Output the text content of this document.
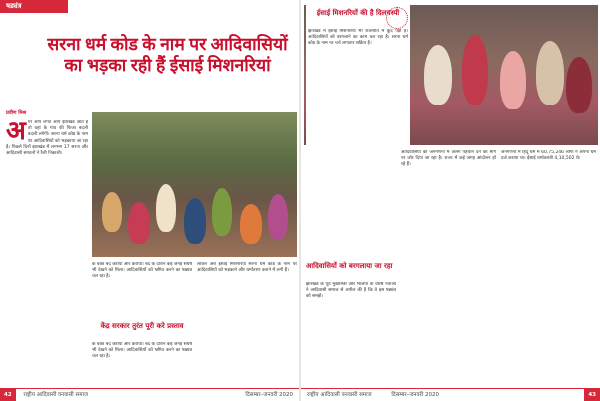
षड्यंत्र
सरना धर्म कोड के नाम पर आदिवासियों का भड़का रही हैं ईसाई मिशनरियां
प्रवीण मिश्र
अ गर आप लगते आप झारखंड आते हैं तो वहां के गांव की फिजा बदली बदली लगेगी। सरना धर्म कोड के नाम पर आदिवासियों को भड़काया जा रहा है। पिछले दिनों झारखंड में लगभग 17 सरना और आदिवासी संगठनों ने रैली निकाली।
के वक्त बंद कराया और कराया। बंद के दौरान कई जगह संघर्ष भी देखने को मिला। आदिवासियों को भ्रमित करने का षड्यंत्र चल रहा है।
केंद्र सरकार तुरंत पूरी करे प्रस्ताव
के वक्त बंद कराया और कराया। बंद के दौरान कई जगह संघर्ष भी देखने को मिला। आदिवासियों को भ्रमित करने का षड्यंत्र चल रहा है।
लेकिन अब ईसाई मिशनरियां सरना धर्म कोड के नाम पर आदिवासियों को भड़काने और धर्मांतरण कराने में लगी हैं।
42 राष्ट्रीय आदिवासी वनवासी समाज	दिसम्बर–जनवरी 2020
ईसाई मिशनरियों की है दिलचस्पी
झारखंड में ईसाई मिशनरियां भी राजनीति में कूद पड़ी हैं। आदिवासियों को बरगलाने का काम चल रहा है। सरना धर्म कोड के नाम पर चर्च लगातार सक्रिय है।
आदिवासियों को बरगलाया जा रहा
झारखंड के पूर्व मुख्यमंत्री और भाजपा के वरिष्ठ नेताओं ने आदिवासी समाज से अपील की है कि वे इस षड्यंत्र को समझें।
आदिवासियों को जनगणना में अलग पहचान देने की मांग पर जोर दिया जा रहा है। राज्य में कई जगह आंदोलन हो रहे हैं।
जनगणना में हिंदू धर्म में 60,75,246 लोगों ने अपना धर्म दर्ज कराया था। ईसाई धर्मावलंबी 4,10,502 थे।
राष्ट्रीय आदिवासी वनवासी समाज	दिसम्बर–जनवरी 2020	43
